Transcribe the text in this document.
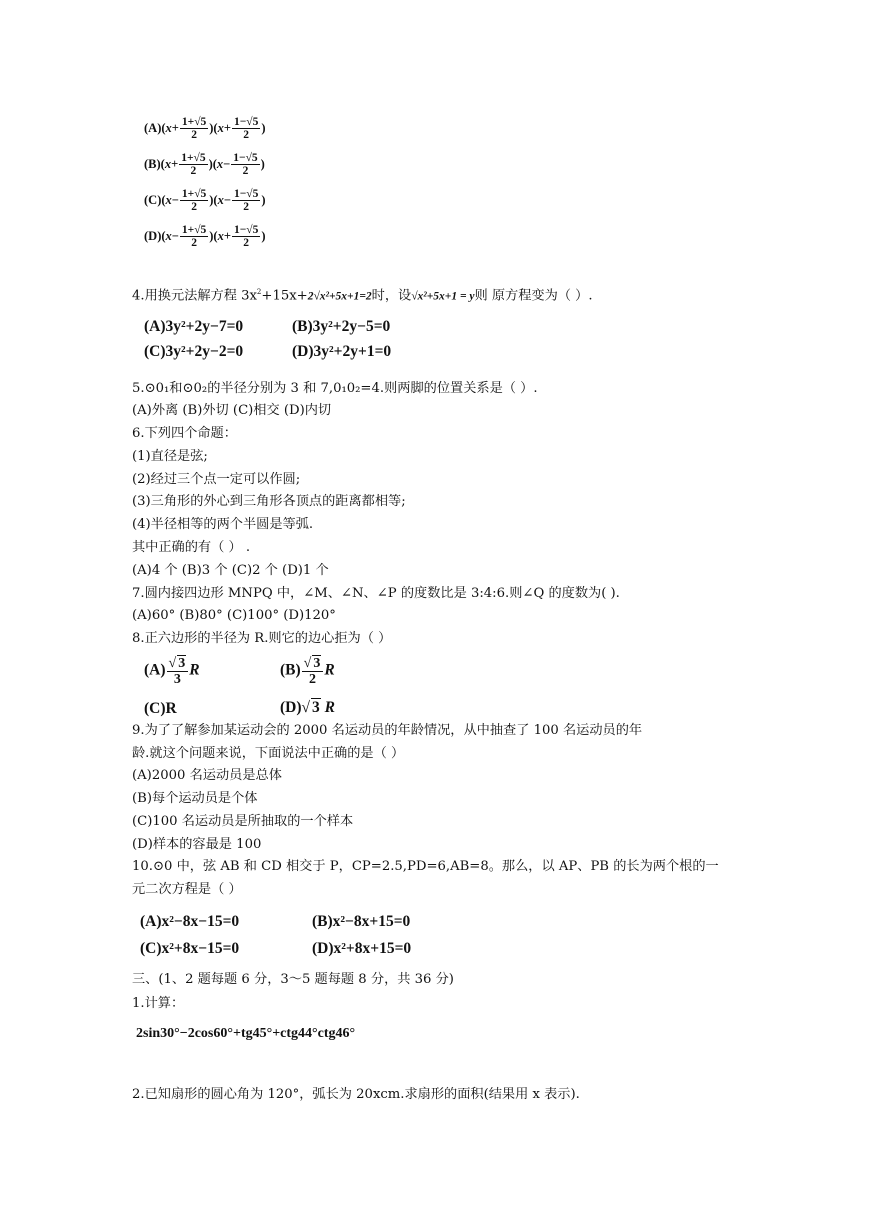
$(A)(x+ \frac{1+√5}{2} )(x+ \frac{1-√5}{2}$ )
$(B)(x+ \frac{1+√5}{2} )(x- \frac{1-√5}{2}$ )
$(C)(x- \frac{1+√5}{2} )(x- \frac{1-√5}{2}$ )
$(D)(x- \frac{1+√5}{2} )(x+ \frac{1-√5}{2}$ )
4.用换元法解方程 $3x^2+15x+2√x^2+5x+1=2$时，设√x²+5x+1 = y则 原方程变为（ ）.
(A)3y²+2y−7=0	(B)3y²+2y−5=0
(C)3y²+2y−2=0	(D)3y²+2y+1=0
5.⊙0₁和⊙0₂的半径分别为 3 和 7,0₁0₂=4.则两脚的位置关系是（ ）.
(A)外离 (B)外切 (C)相交 (D)内切
6.下列四个命题：
(1)直径是弦;
(2)经过三个点一定可以作圆;
(3)三角形的外心到三角形各顶点的距离都相等;
(4)半径相等的两个半圆是等弧.
其中正确的有（ ） .
(A)4 个 (B)3 个 (C)2 个 (D)1 个
7.圆内接四边形 MNPQ 中，∠M、∠N、∠P 的度数比是 3:4:6.则∠Q 的度数为( ).
(A)60° (B)80° (C)100° (D)120°
8.正六边形的半径为 R.则它的边心拒为（ ）
$(A) \frac{√ 3}{3}$ R	$(B) \frac{√ 3}{2}$ R
(C)R	(D)√ 3 R
9.为了了解参加某运动会的 2000 名运动员的年龄情况，从中抽查了 100 名运动员的年
龄.就这个问题来说，下面说法中正确的是（ ）
(A)2000 名运动员是总体
(B)每个运动员是个体
(C)100 名运动员是所抽取的一个样本
(D)样本的容最是 100
10.⊙0 中，弦 AB 和 CD 相交于 P，CP=2.5,PD=6,AB=8。那么，以 AP、PB 的长为两个根的一
元二次方程是（ ）
(A)x²−8x−15=0	(B)x²−8x+15=0
(C)x²+8x−15=0	(D)x²+8x+15=0
三、(1、2 题每题 6 分，3～5 题每题 8 分，共 36 分)
1.计算：
2sin30°−2cos60°+tg45°+ctg44°ctg46°
2.已知扇形的圆心角为 120°，弧长为 20xcm.求扇形的面积(结果用 x 表示).
